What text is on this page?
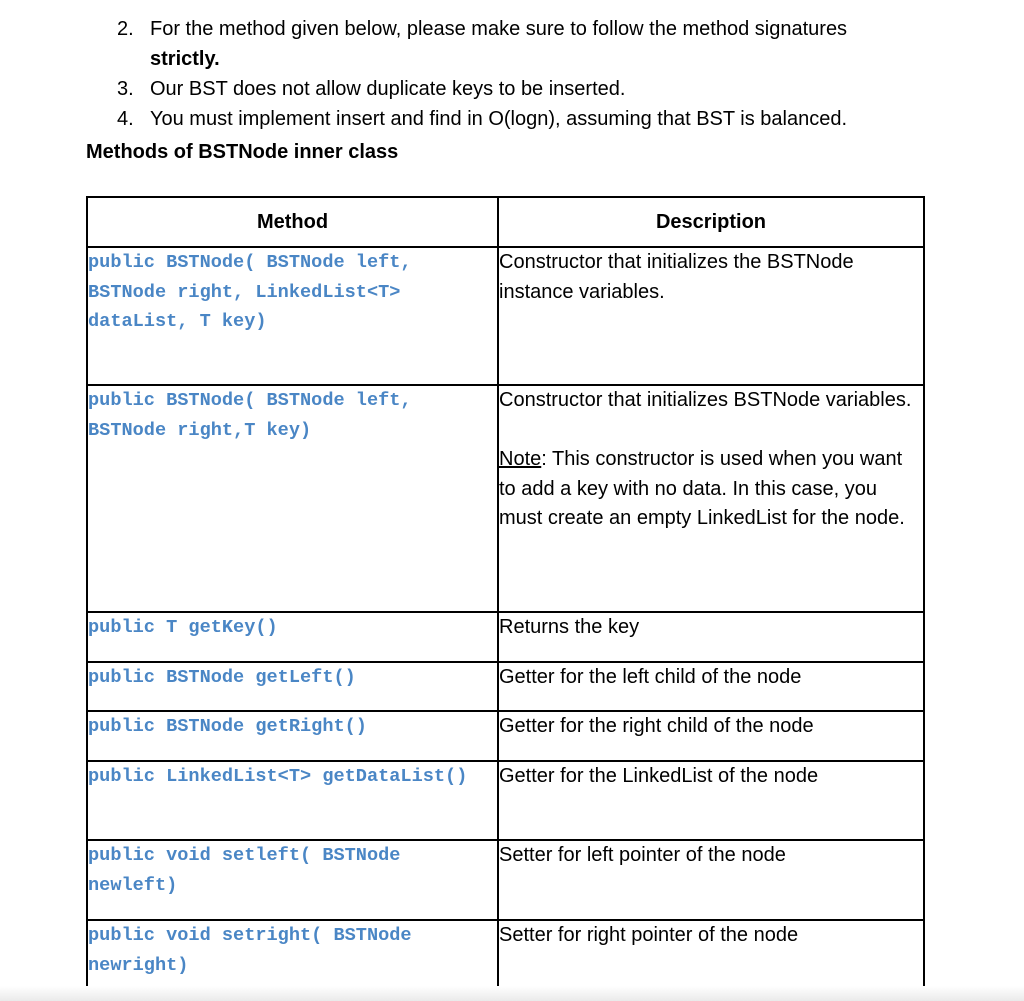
2. For the method given below, please make sure to follow the method signatures strictly.
3. Our BST does not allow duplicate keys to be inserted.
4. You must implement insert and find in O(logn), assuming that BST is balanced.
Methods of BSTNode inner class
Method	Description
public BSTNode( BSTNode left, BSTNode right, LinkedList<T> dataList, T key)	Constructor that initializes the BSTNode instance variables.
public BSTNode( BSTNode left, BSTNode right,T key)	Constructor that initializes BSTNode variables.
Note: This constructor is used when you want to add a key with no data. In this case, you must create an empty LinkedList for the node.

public T getKey()	Returns the key
public BSTNode getLeft()	Getter for the left child of the node
public BSTNode getRight()	Getter for the right child of the node
public LinkedList<T> getDataList()	Getter for the LinkedList of the node
public void setleft( BSTNode newleft)	Setter for left pointer of the node
public void setright( BSTNode newright)	Setter for right pointer of the node
